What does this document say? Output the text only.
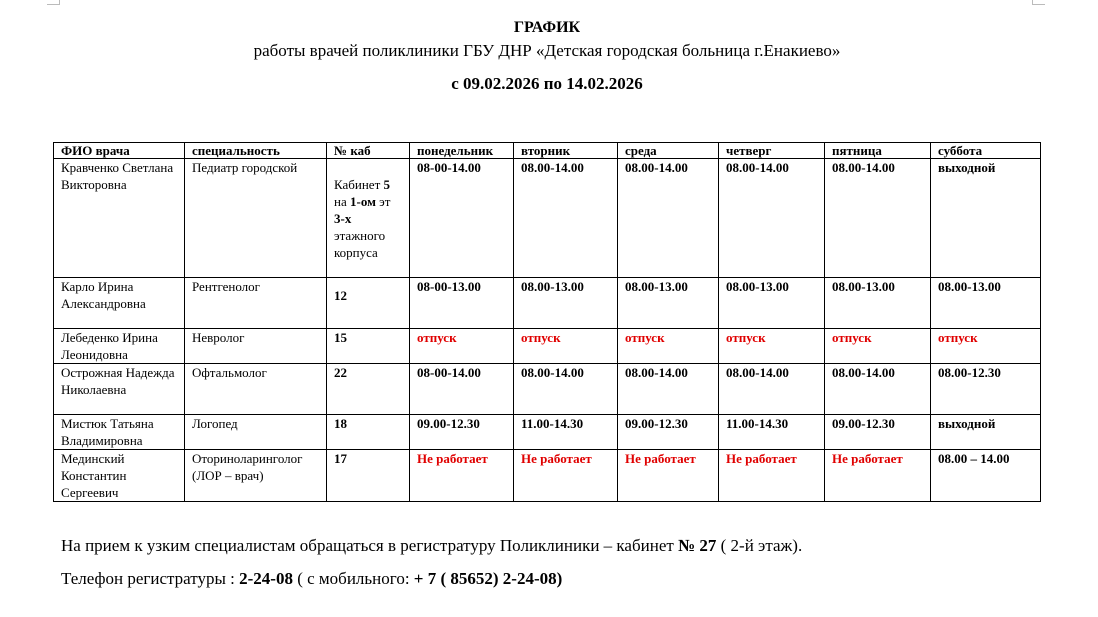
ГРАФИК
работы врачей поликлиники ГБУ ДНР «Детская городская больница г.Енакиево»
с 09.02.2026 по 14.02.2026
ФИО врача	специальность	№ каб	понедельник	вторник	среда	четверг	пятница	суббота
Кравченко Светлана Викторовна	Педиатр городской	Кабинет 5 на 1-ом эт 3-х этажного корпуса	08-00-14.00	08.00-14.00	08.00-14.00	08.00-14.00	08.00-14.00	выходной
Карло Ирина Александровна	Рентгенолог	12	08-00-13.00	08.00-13.00	08.00-13.00	08.00-13.00	08.00-13.00	08.00-13.00
Лебеденко Ирина Леонидовна	Невролог	15	отпуск	отпуск	отпуск	отпуск	отпуск	отпуск
Острожная Надежда Николаевна	Офтальмолог	22	08-00-14.00	08.00-14.00	08.00-14.00	08.00-14.00	08.00-14.00	08.00-12.30
Мистюк Татьяна Владимировна	Логопед	18	09.00-12.30	11.00-14.30	09.00-12.30	11.00-14.30	09.00-12.30	выходной
Мединский Константин Сергеевич	Оториноларинголог (ЛОР – врач)	17	Не работает	Не работает	Не работает	Не работает	Не работает	08.00 – 14.00
На прием к узким специалистам обращаться в регистратуру Поликлиники – кабинет № 27 ( 2-й этаж).
Телефон регистратуры : 2-24-08 ( с мобильного: + 7 ( 85652) 2-24-08)
